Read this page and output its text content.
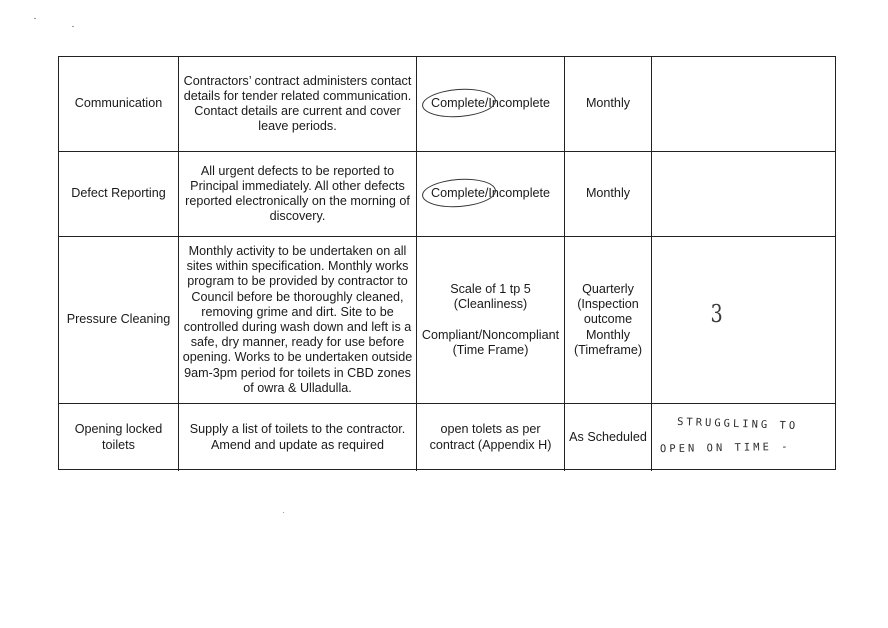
Communication
Contractors’ contract administers contact details for tender related communication. Contact details are current and cover leave periods.
Complete/Incomplete	Monthly
Defect Reporting
All urgent defects to be reported to Principal immediately. All other defects reported electronically on the morning of discovery.
Complete/Incomplete	Monthly
Pressure Cleaning
Monthly activity to be undertaken on all sites within specification. Monthly works program to be provided by contractor to Council before be thoroughly cleaned, removing grime and dirt. Site to be controlled during wash down and left is a safe, dry manner, ready for use before opening. Works to be undertaken outside 9am-3pm period for toilets in CBD zones of owra & Ulladulla.
Scale of 1 tp 5
(Cleanliness)
Compliant/Noncompliant
(Time Frame)
Quarterly (Inspection outcome Monthly (Timeframe)
3
Opening locked toilets
Supply a list of toilets to the contractor. Amend and update as required
open tolets as per contract (Appendix H)
As Scheduled
STRUGGLING TO
OPEN ON TIME -
